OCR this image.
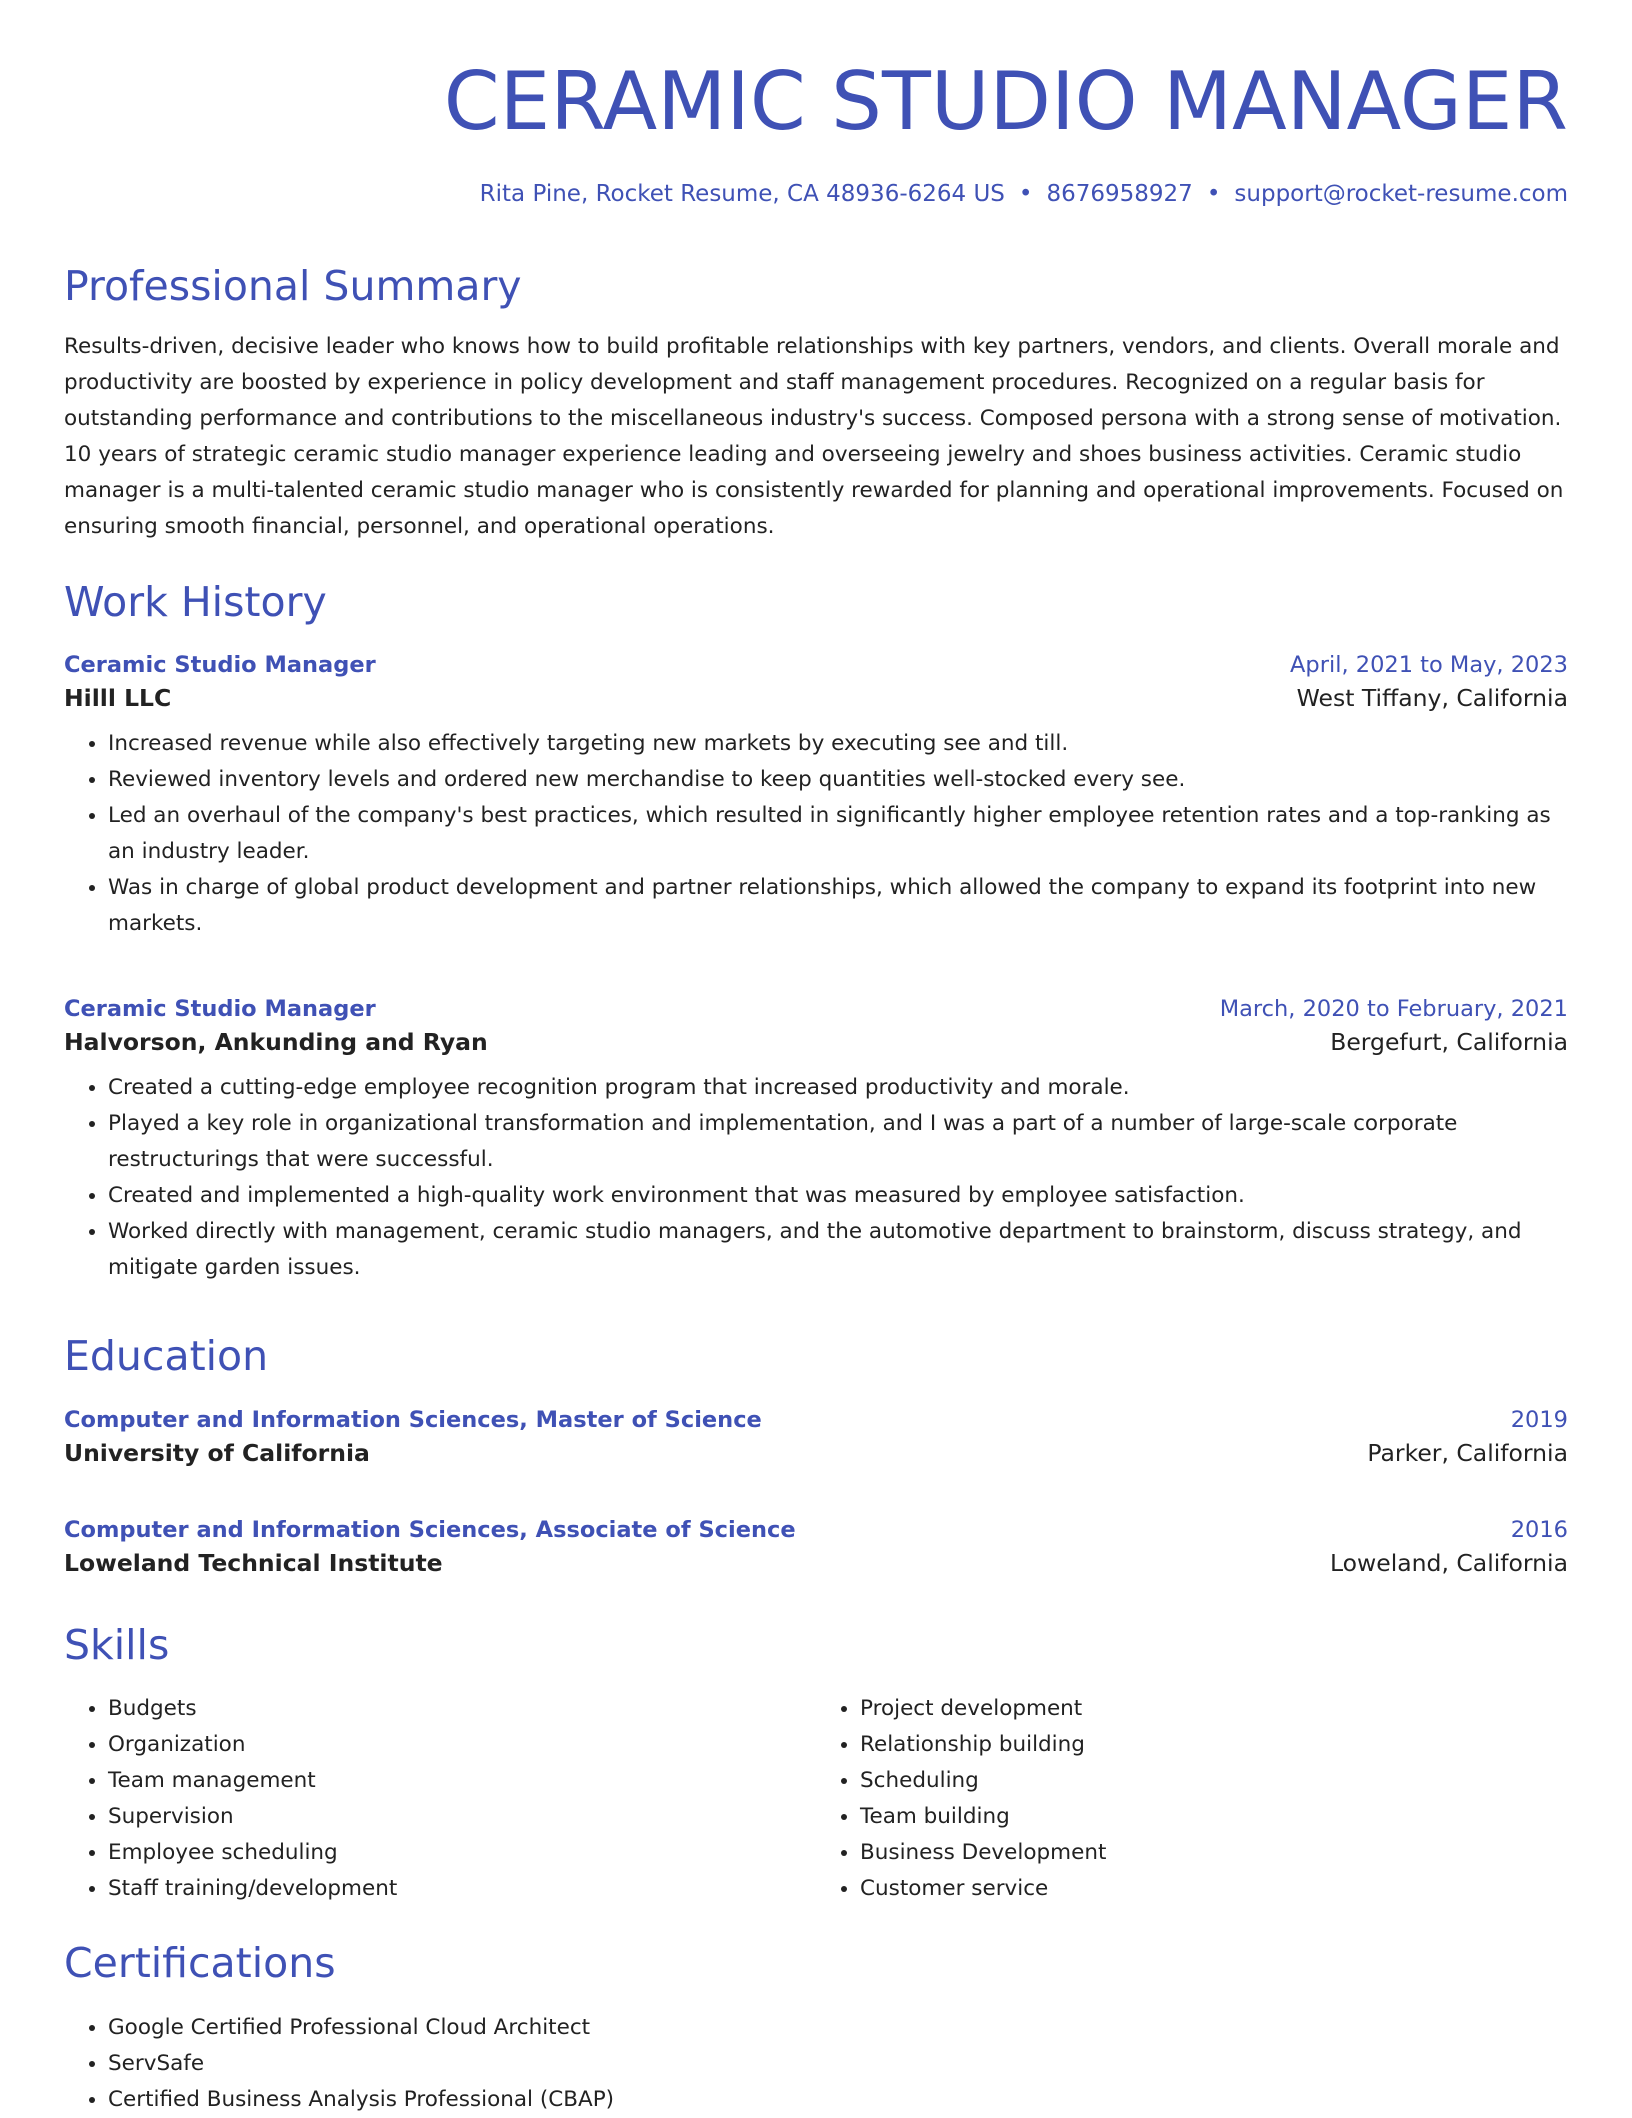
CERAMIC STUDIO MANAGER
Rita Pine, Rocket Resume, CA 48936-6264 US • 8676958927 • support@rocket-resume.com
Professional Summary

Results-driven, decisive leader who knows how to build profitable relationships with key partners, vendors, and clients. Overall morale and productivity are boosted by experience in policy development and staff management procedures. Recognized on a regular basis for outstanding performance and contributions to the miscellaneous industry's success. Composed persona with a strong sense of motivation. 10 years of strategic ceramic studio manager experience leading and overseeing jewelry and shoes business activities. Ceramic studio manager is a multi-talented ceramic studio manager who is consistently rewarded for planning and operational improvements. Focused on ensuring smooth financial, personnel, and operational operations.

Work History
Ceramic Studio Manager	April, 2021 to May, 2023
Hilll LLC	West Tiffany, California
• Increased revenue while also effectively targeting new markets by executing see and till.
• Reviewed inventory levels and ordered new merchandise to keep quantities well-stocked every see.
• Led an overhaul of the company's best practices, which resulted in significantly higher employee retention rates and a top-ranking as an industry leader.
• Was in charge of global product development and partner relationships, which allowed the company to expand its footprint into new markets.
Ceramic Studio Manager	March, 2020 to February, 2021
Halvorson, Ankunding and Ryan	Bergefurt, California
• Created a cutting-edge employee recognition program that increased productivity and morale.
• Played a key role in organizational transformation and implementation, and I was a part of a number of large-scale corporate restructurings that were successful.
• Created and implemented a high-quality work environment that was measured by employee satisfaction.
• Worked directly with management, ceramic studio managers, and the automotive department to brainstorm, discuss strategy, and mitigate garden issues.
Education
Computer and Information Sciences, Master of Science	2019
University of California	Parker, California
Computer and Information Sciences, Associate of Science	2016
Loweland Technical Institute	Loweland, California
Skills
• Budgets
• Organization
• Team management
• Supervision
• Employee scheduling
• Staff training/development
• Project development
• Relationship building
• Scheduling
• Team building
• Business Development
• Customer service
Certifications
• Google Certified Professional Cloud Architect
• ServSafe
• Certified Business Analysis Professional (CBAP)
